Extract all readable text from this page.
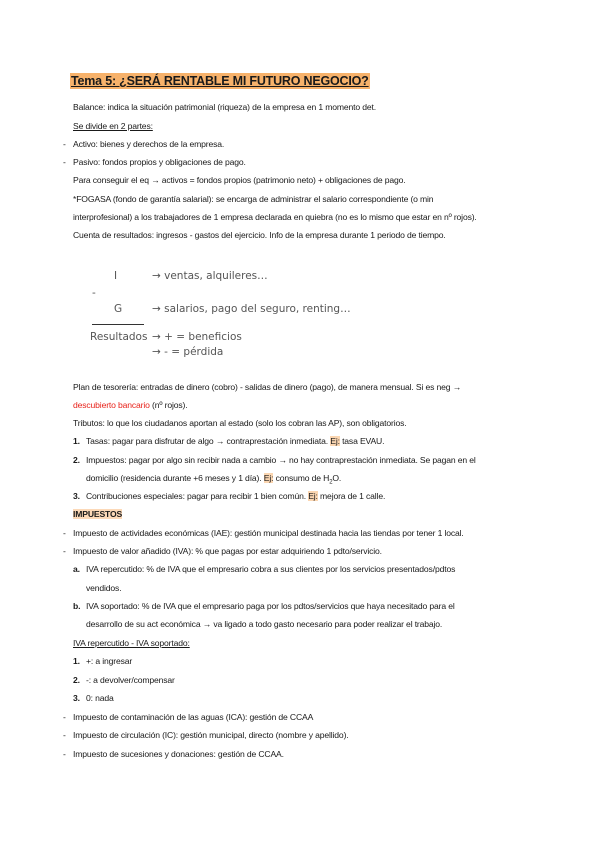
Tema 5: ¿SERÁ RENTABLE MI FUTURO NEGOCIO?
Balance: indica la situación patrimonial (riqueza) de la empresa en 1 momento det.
Se divide en 2 partes:
- Activo: bienes y derechos de la empresa.
- Pasivo: fondos propios y obligaciones de pago.
Para conseguir el eq → activos = fondos propios (patrimonio neto) + obligaciones de pago.
*FOGASA (fondo de garantía salarial): se encarga de administrar el salario correspondiente (o min
interprofesional) a los trabajadores de 1 empresa declarada en quiebra (no es lo mismo que estar en nº rojos).
Cuenta de resultados: ingresos - gastos del ejercicio. Info de la empresa durante 1 periodo de tiempo.
I	→ ventas, alquileres…
-
G	→ salarios, pago del seguro, renting…
Resultados → + = beneficios
→ - = pérdida
Plan de tesorería: entradas de dinero (cobro) - salidas de dinero (pago), de manera mensual. Si es neg →
descubierto bancario (nº rojos).
Tributos: lo que los ciudadanos aportan al estado (solo los cobran las AP), son obligatorios.
1. Tasas: pagar para disfrutar de algo → contraprestación inmediata. Ej: tasa EVAU.
2. Impuestos: pagar por algo sin recibir nada a cambio → no hay contraprestación inmediata. Se pagan en el
domicilio (residencia durante +6 meses y 1 día). Ej: consumo de $H_2O$.
3. Contribuciones especiales: pagar para recibir 1 bien común. Ej: mejora de 1 calle.
IMPUESTOS
- Impuesto de actividades económicas (IAE): gestión municipal destinada hacia las tiendas por tener 1 local.
- Impuesto de valor añadido (IVA): % que pagas por estar adquiriendo 1 pdto/servicio.
a. IVA repercutido: % de IVA que el empresario cobra a sus clientes por los servicios presentados/pdtos
vendidos.
b. IVA soportado: % de IVA que el empresario paga por los pdtos/servicios que haya necesitado para el
desarrollo de su act económica → va ligado a todo gasto necesario para poder realizar el trabajo.
IVA repercutido - IVA soportado:
1. +: a ingresar
2. -: a devolver/compensar
3. 0: nada
- Impuesto de contaminación de las aguas (ICA): gestión de CCAA
- Impuesto de circulación (IC): gestión municipal, directo (nombre y apellido).
- Impuesto de sucesiones y donaciones: gestión de CCAA.
